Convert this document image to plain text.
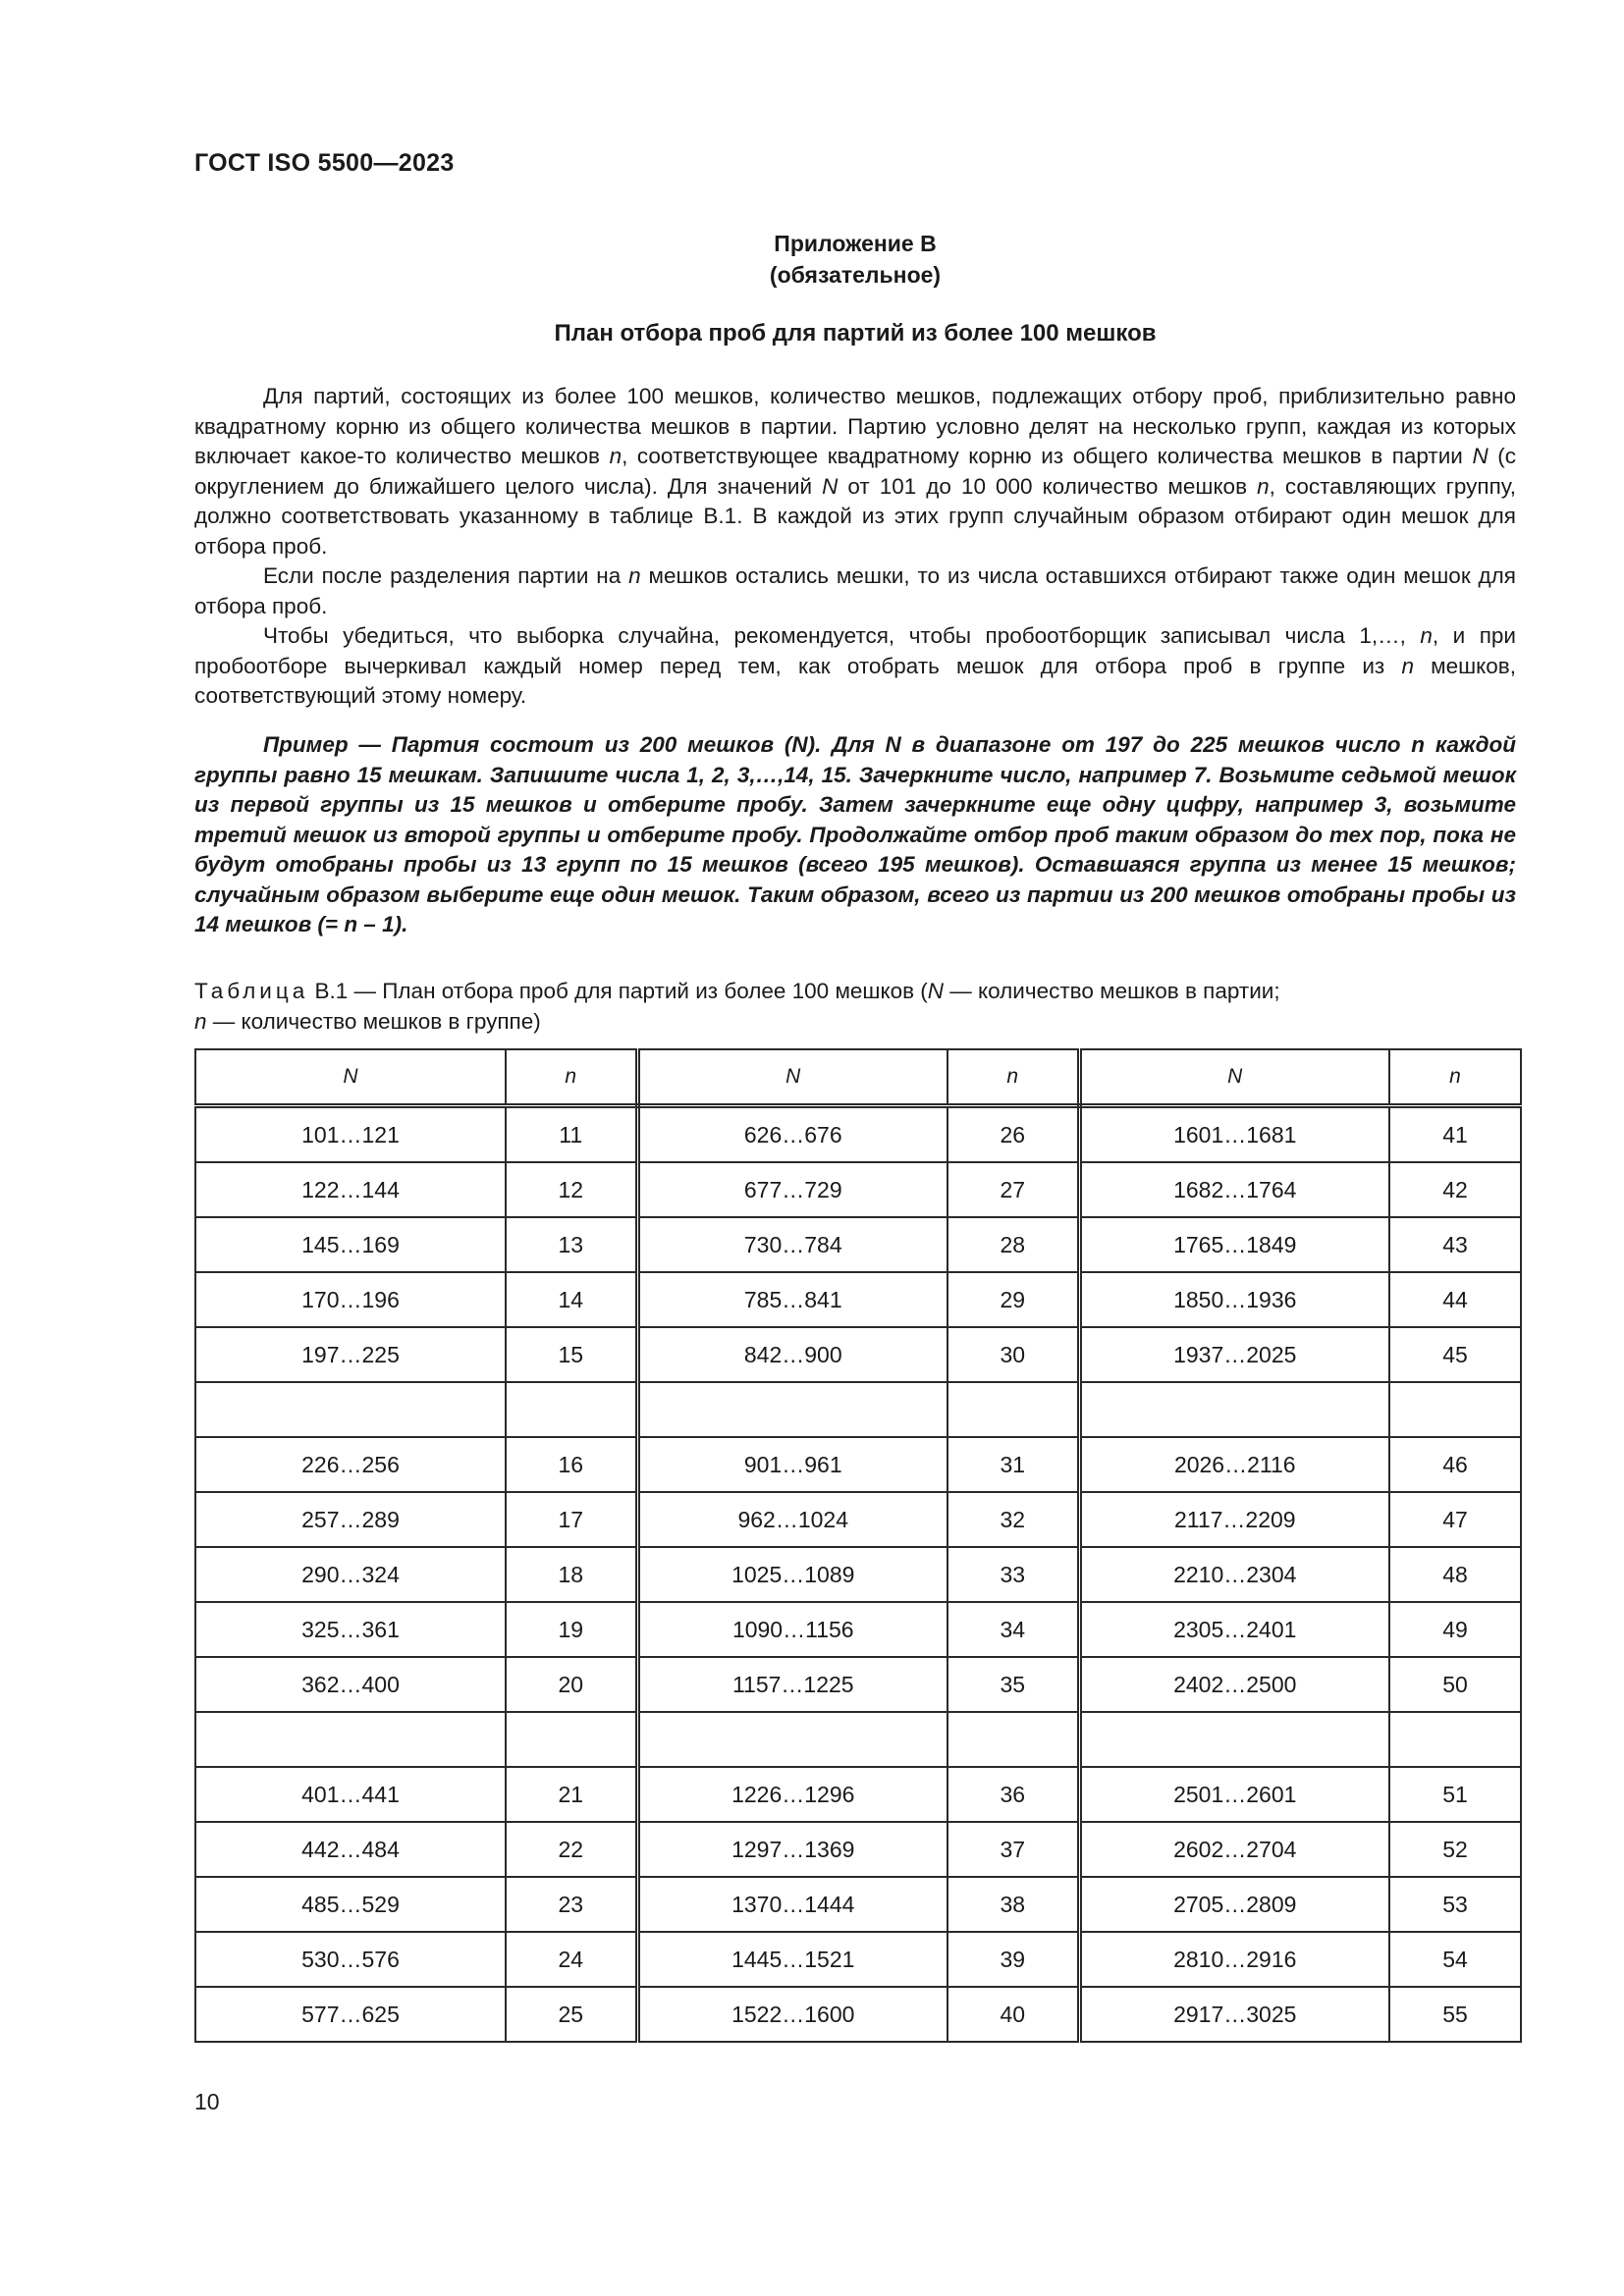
ГОСТ ISO 5500—2023
Приложение В
(обязательное)
План отбора проб для партий из более 100 мешков

Для партий, состоящих из более 100 мешков, количество мешков, подлежащих отбору проб, приблизительно равно квадратному корню из общего количества мешков в партии. Партию условно делят на несколько групп, каждая из которых включает какое-то количество мешков n, соответствующее квадратному корню из общего количества мешков в партии N (с округлением до ближайшего целого числа). Для значений N от 101 до 10 000 количество мешков n, составляющих группу, должно соответствовать указанному в таблице В.1. В каждой из этих групп случайным образом отбирают один мешок для отбора проб.

Если после разделения партии на n мешков остались мешки, то из числа оставшихся отбирают также один мешок для отбора проб.

Чтобы убедиться, что выборка случайна, рекомендуется, чтобы пробоотборщик записывал числа 1,…, n, и при пробоотборе вычеркивал каждый номер перед тем, как отобрать мешок для отбора проб в группе из n мешков, соответствующий этому номеру.

Пример — Партия состоит из 200 мешков (N). Для N в диапазоне от 197 до 225 мешков число n каждой группы равно 15 мешкам. Запишите числа 1, 2, 3,…,14, 15. Зачеркните число, например 7. Возьмите седьмой мешок из первой группы из 15 мешков и отберите пробу. Затем зачеркните еще одну цифру, например 3, возьмите третий мешок из второй группы и отберите пробу. Продолжайте отбор проб таким образом до тех пор, пока не будут отобраны пробы из 13 групп по 15 мешков (всего 195 мешков). Оставшаяся группа из менее 15 мешков; случайным образом выберите еще один мешок. Таким образом, всего из партии из 200 мешков отобраны пробы из 14 мешков (= n – 1).

Таблица В.1 — План отбора проб для партий из более 100 мешков (N — количество мешков в партии;
n — количество мешков в группе)
N	n	N	n	N	n
101…121	11	626…676	26	1601…1681	41
122…144	12	677…729	27	1682…1764	42
145…169	13	730…784	28	1765…1849	43
170…196	14	785…841	29	1850…1936	44
197…225	15	842…900	30	1937…2025	45

226…256	16	901…961	31	2026…2116	46
257…289	17	962…1024	32	2117…2209	47
290…324	18	1025…1089	33	2210…2304	48
325…361	19	1090…1156	34	2305…2401	49
362…400	20	1157…1225	35	2402…2500	50

401…441	21	1226…1296	36	2501…2601	51
442…484	22	1297…1369	37	2602…2704	52
485…529	23	1370…1444	38	2705…2809	53
530…576	24	1445…1521	39	2810…2916	54
577…625	25	1522…1600	40	2917…3025	55
10
